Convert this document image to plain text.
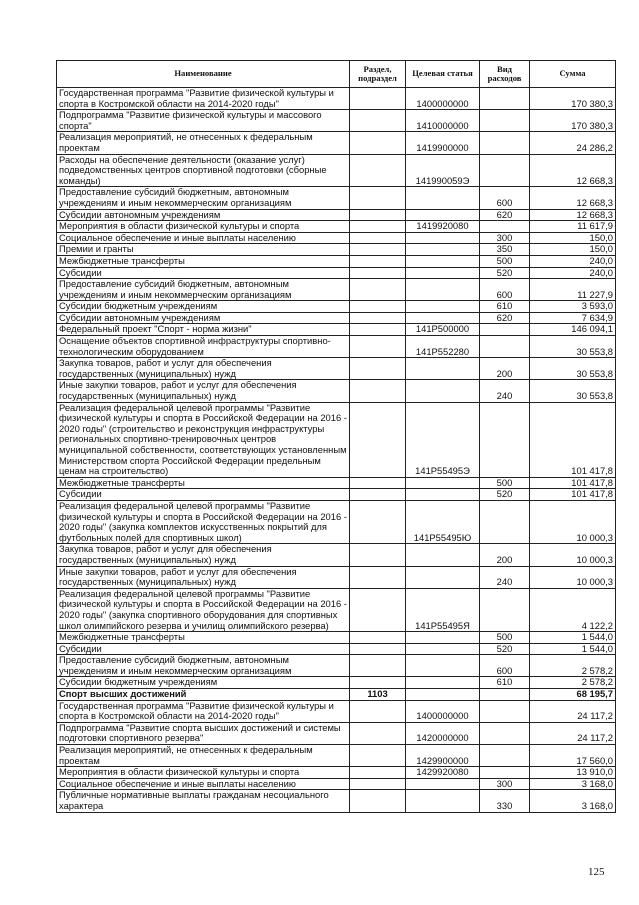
Наименование	Раздел, подраздел	Целевая статья	Вид расходов	Сумма
Государственная программа "Развитие физической культуры и спорта в Костромской области на 2014-2020 годы"		1400000000		170 380,3
Подпрограмма "Развитие физической культуры и массового спорта"		1410000000		170 380,3
Реализация мероприятий, не отнесенных к федеральным проектам		1419900000		24 286,2
Расходы на обеспечение деятельности (оказание услуг) подведомственных центров спортивной подготовки (сборные команды)		141990059Э		12 668,3
Предоставление субсидий бюджетным, автономным учреждениям и иным некоммерческим организациям			600	12 668,3
Субсидии автономным учреждениям			620	12 668,3
Мероприятия в области физической культуры и спорта		1419920080		11 617,9
Социальное обеспечение и иные выплаты населению			300	150,0
Премии и гранты			350	150,0
Межбюджетные трансферты			500	240,0
Субсидии			520	240,0
Предоставление субсидий бюджетным, автономным учреждениям и иным некоммерческим организациям			600	11 227,9
Субсидии бюджетным учреждениям			610	3 593,0
Субсидии автономным учреждениям			620	7 634,9
Федеральный проект "Спорт - норма жизни"		141P500000		146 094,1
Оснащение объектов спортивной инфраструктуры спортивно-технологическим оборудованием		141P552280		30 553,8
Закупка товаров, работ и услуг для обеспечения государственных (муниципальных) нужд			200	30 553,8
Иные закупки товаров, работ и услуг для обеспечения государственных (муниципальных) нужд			240	30 553,8
Реализация федеральной целевой программы "Развитие физической культуры и спорта в Российской Федерации на 2016 - 2020 годы" (строительство и реконструкция инфраструктуры региональных спортивно-тренировочных центров муниципальной собственности, соответствующих установленным Министерством спорта Российской Федерации предельным ценам на строительство)		141P55495Э		101 417,8
Межбюджетные трансферты			500	101 417,8
Субсидии			520	101 417,8
Реализация федеральной целевой программы "Развитие физической культуры и спорта в Российской Федерации на 2016 - 2020 годы" (закупка комплектов искусственных покрытий для футбольных полей для спортивных школ)		141P55495Ю		10 000,3
Закупка товаров, работ и услуг для обеспечения государственных (муниципальных) нужд			200	10 000,3
Иные закупки товаров, работ и услуг для обеспечения государственных (муниципальных) нужд			240	10 000,3
Реализация федеральной целевой программы "Развитие физической культуры и спорта в Российской Федерации на 2016 - 2020 годы" (закупка спортивного оборудования для спортивных школ олимпийского резерва и училищ олимпийского резерва)		141P55495Я		4 122,2
Межбюджетные трансферты			500	1 544,0
Субсидии			520	1 544,0
Предоставление субсидий бюджетным, автономным учреждениям и иным некоммерческим организациям			600	2 578,2
Субсидии бюджетным учреждениям			610	2 578,2
Спорт высших достижений	1103			68 195,7
Государственная программа "Развитие физической культуры и спорта в Костромской области на 2014-2020 годы"		1400000000		24 117,2
Подпрограмма "Развитие спорта высших достижений и системы подготовки спортивного резерва"		1420000000		24 117,2
Реализация мероприятий, не отнесенных к федеральным проектам		1429900000		17 560,0
Мероприятия в области физической культуры и спорта		1429920080		13 910,0
Социальное обеспечение и иные выплаты населению			300	3 168,0
Публичные нормативные выплаты гражданам несоциального характера			330	3 168,0
125
